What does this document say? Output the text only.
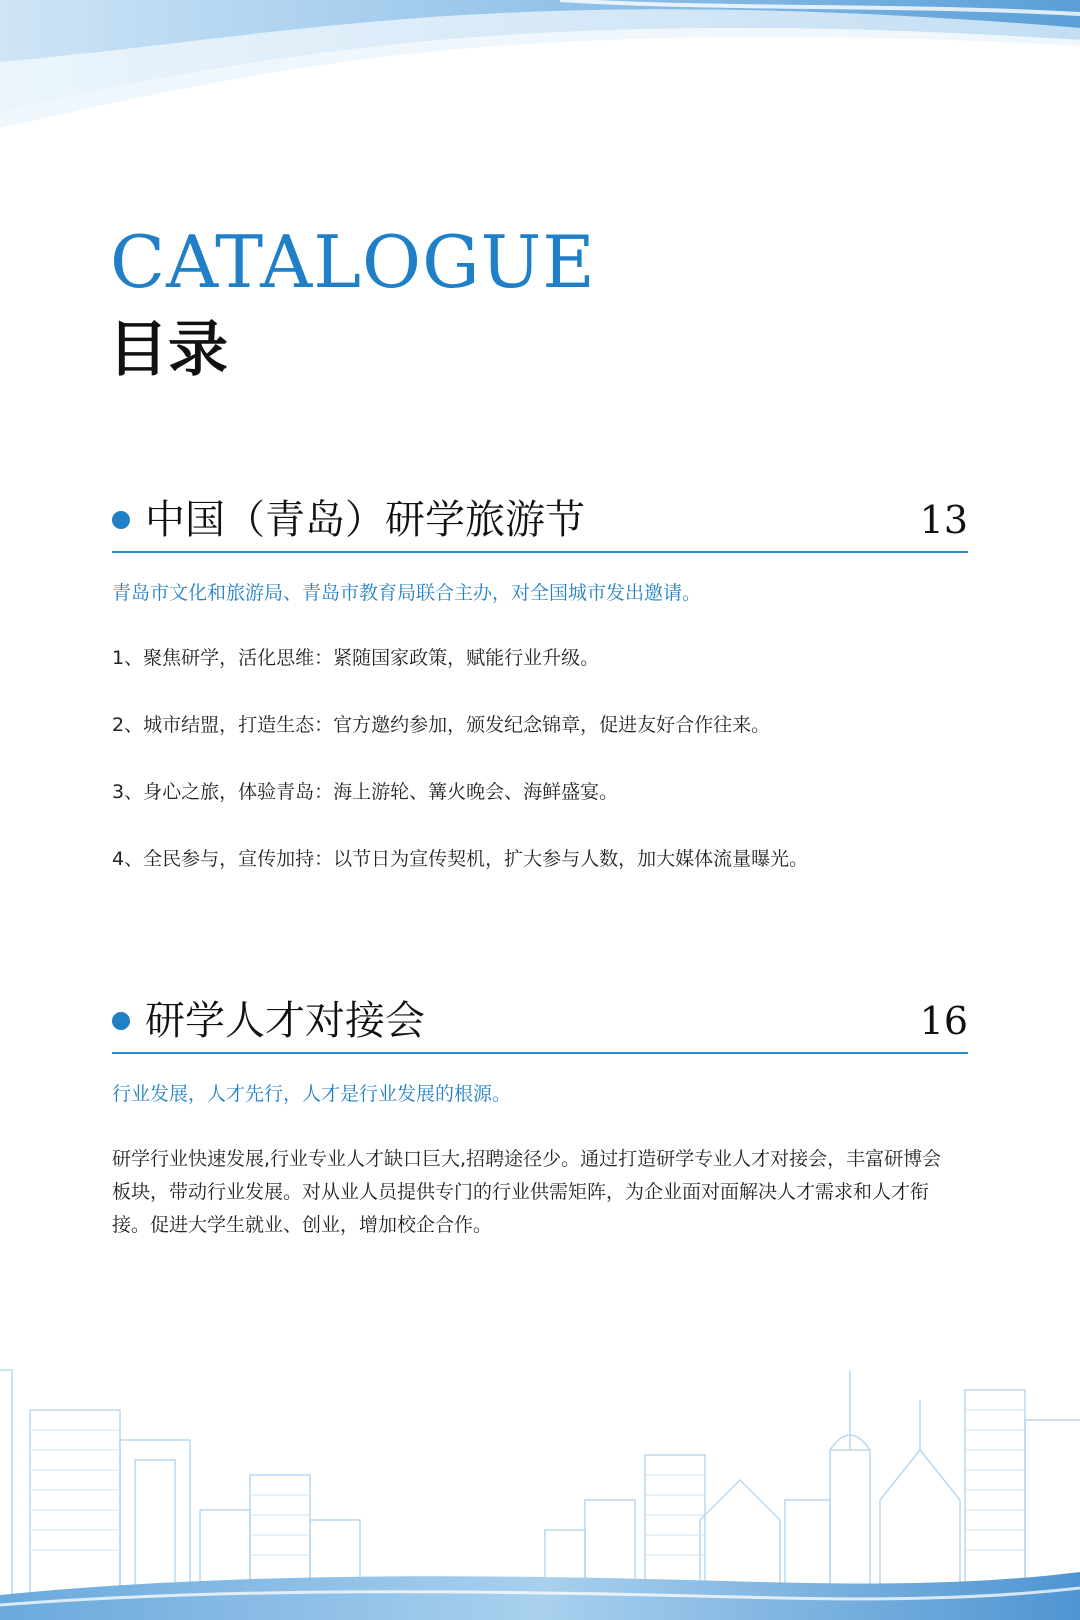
CATALOGUE
目录
中国（青岛）研学旅游节	13

青岛市文化和旅游局、青岛市教育局联合主办，对全国城市发出邀请。

1、聚焦研学，活化思维：紧随国家政策，赋能行业升级。

2、城市结盟，打造生态：官方邀约参加，颁发纪念锦章，促进友好合作往来。

3、身心之旅，体验青岛：海上游轮、篝火晚会、海鲜盛宴。

4、全民参与，宣传加持：以节日为宣传契机，扩大参与人数，加大媒体流量曝光。

研学人才对接会	16

行业发展，人才先行，人才是行业发展的根源。

研学行业快速发展,行业专业人才缺口巨大,招聘途径少。通过打造研学专业人才对接会，丰富研博会板块，带动行业发展。对从业人员提供专门的行业供需矩阵，为企业面对面解决人才需求和人才衔接。促进大学生就业、创业，增加校企合作。
